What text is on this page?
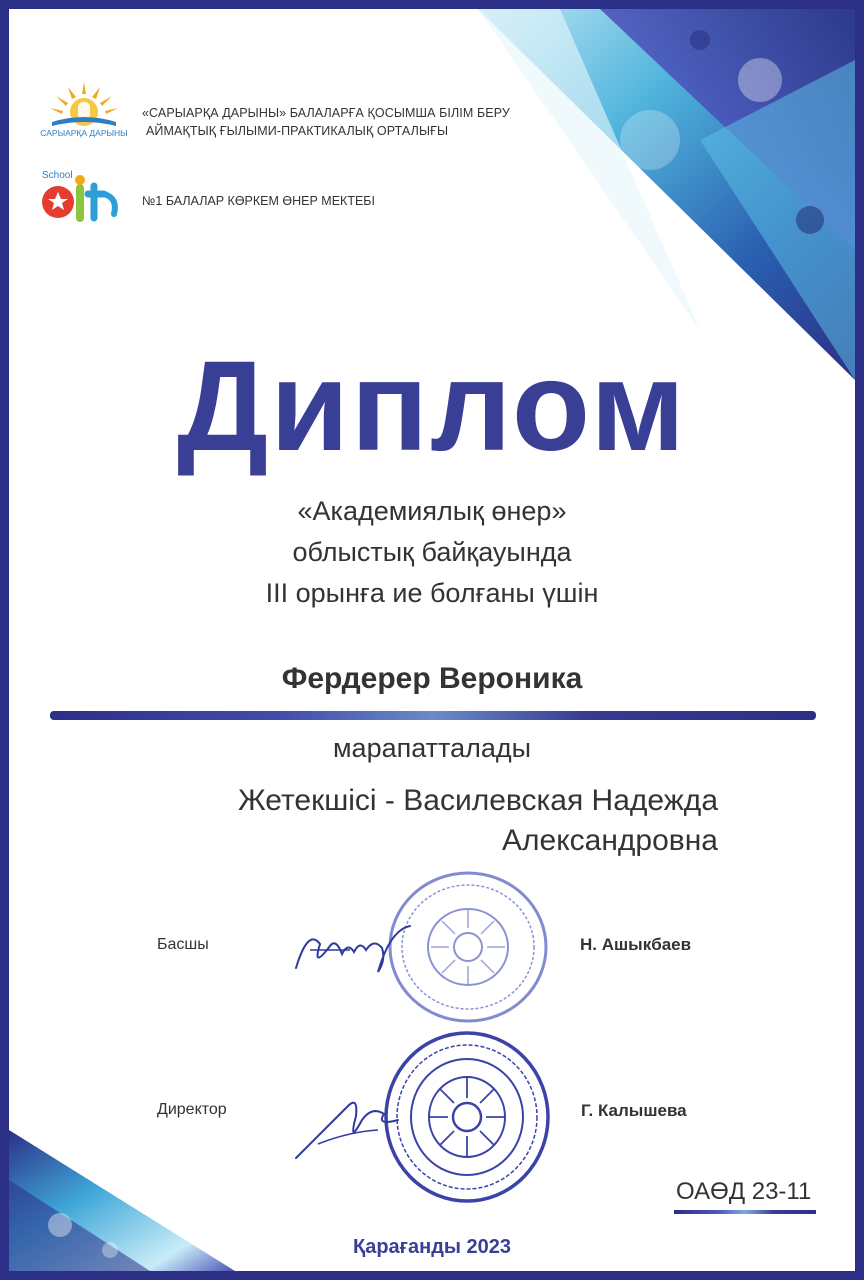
САРЫАРҚА ДАРЫНЫ
School
«САРЫАРҚА ДАРЫНЫ» БАЛАЛАРҒА ҚОСЫМША БІЛІМ БЕРУ
АЙМАҚТЫҚ ҒЫЛЫМИ-ПРАКТИКАЛЫҚ ОРТАЛЫҒЫ
№1 БАЛАЛАР КӨРКЕМ ӨНЕР МЕКТЕБІ
Диплом
«Академиялық өнер»
облыстық байқауында
III орынға ие болғаны үшін
Фердерер Вероника
марапатталады
Жетекшісі - Василевская Надежда
Александровна
Басшы	Н. Ашыкбаев
Директор	Г. Калышева
ОАӨД 23-11
Қарағанды 2023
